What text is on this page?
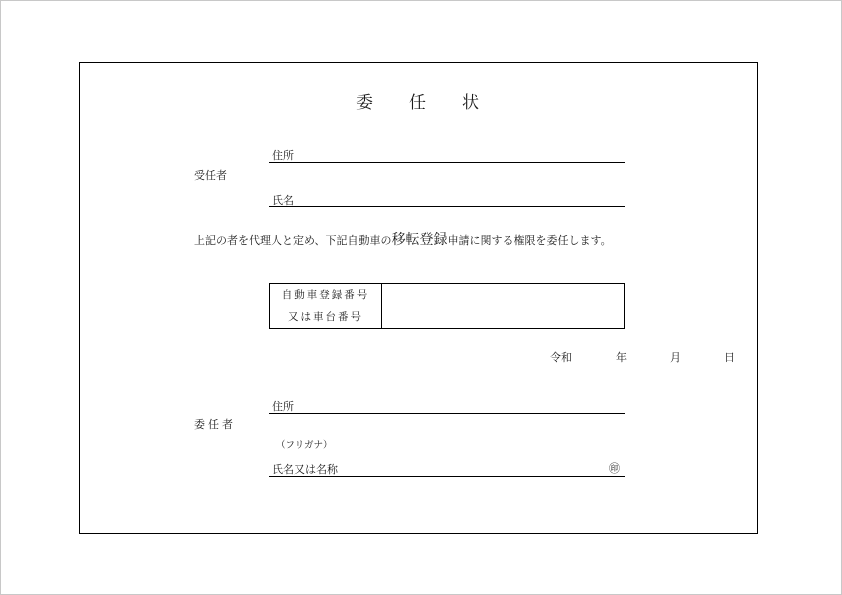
委 任 状
住所
受任者
氏名
上記の者を代理人と定め、下記自動車の移転登録申請に関する権限を委任します。
自動車登録番号
又は車台番号
令和	年	月	日
住所
委任者
（フリガナ）
氏名又は名称	㊞
